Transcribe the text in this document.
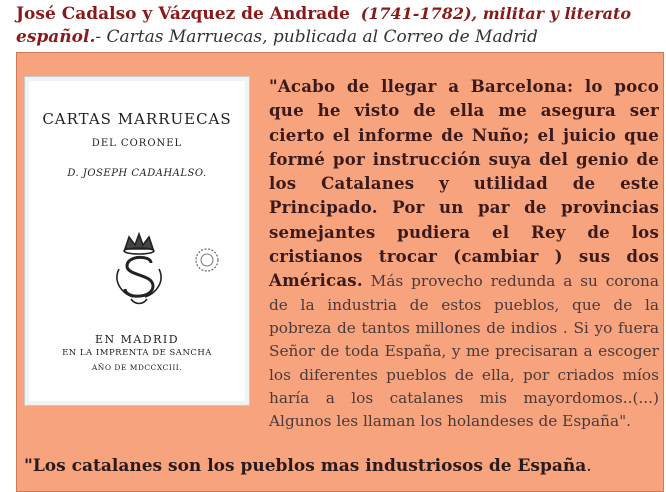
José Cadalso y Vázquez de Andrade (1741-1782), militar y literato
español.- Cartas Marruecas, publicada al Correo de Madrid
CARTAS MARRUECAS
DEL CORONEL
D. JOSEPH CADAHALSO.
EN MADRID
EN LA IMPRENTA DE SANCHA
AÑO DE MDCCXCIII.
"Acabo de llegar a Barcelona: lo poco que he visto de ella me asegura ser cierto el informe de Nuño; el juicio que formé por instrucción suya del genio de los Catalanes y utilidad de este Principado. Por un par de provincias semejantes pudiera el Rey de los cristianos trocar (cambiar ) sus dos Américas. Más provecho redunda a su corona de la industria de estos pueblos, que de la pobreza de tantos millones de indios . Si yo fuera Señor de toda España, y me precisaran a escoger los diferentes pueblos de ella, por criados míos haría a los catalanes mis mayordomos..(...) Algunos les llaman los holandeses de España".
"Los catalanes son los pueblos mas industriosos de España.
